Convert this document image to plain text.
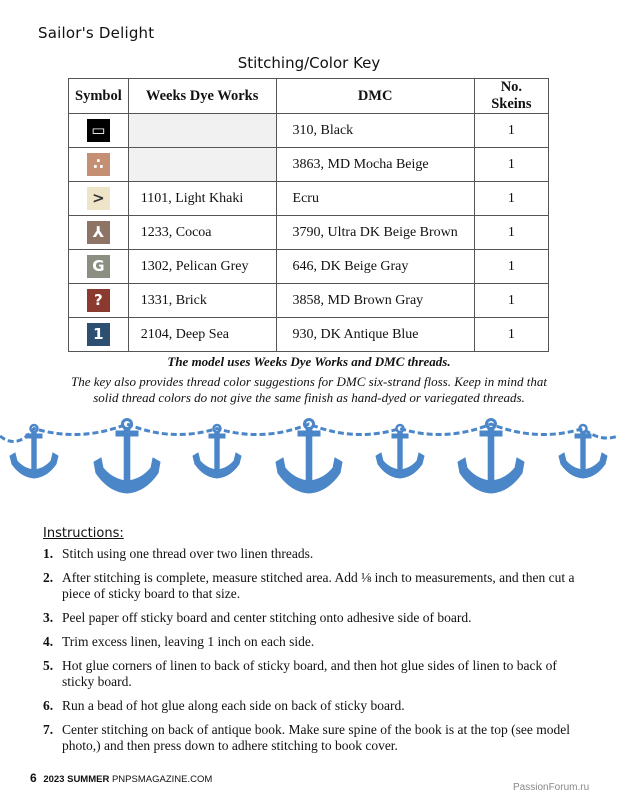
Sailor's Delight
Stitching/Color Key
Symbol	Weeks Dye Works	DMC	No. Skeins
▭		310, Black	1
∴		3863, MD Mocha Beige	1
>	1101, Light Khaki	Ecru	1
⅄	1233, Cocoa	3790, Ultra DK Beige Brown	1
G	1302, Pelican Grey	646, DK Beige Gray	1
?	1331, Brick	3858, MD Brown Gray	1
1	2104, Deep Sea	930, DK Antique Blue	1
The model uses Weeks Dye Works and DMC threads.
The key also provides thread color suggestions for DMC six-strand floss. Keep in mind that solid thread colors do not give the same finish as hand-dyed or variegated threads.
Instructions:
1. Stitch using one thread over two linen threads.
2. After stitching is complete, measure stitched area. Add ⅛ inch to measurements, and then cut a piece of sticky board to that size.
3. Peel paper off sticky board and center stitching onto adhesive side of board.
4. Trim excess linen, leaving 1 inch on each side.
5. Hot glue corners of linen to back of sticky board, and then hot glue sides of linen to back of sticky board.
6. Run a bead of hot glue along each side on back of sticky board.
7. Center stitching on back of antique book. Make sure spine of the book is at the top (see model photo,) and then press down to adhere stitching to book cover.
6 2023 SUMMER PNPSMAGAZINE.COM
PassionForum.ru
